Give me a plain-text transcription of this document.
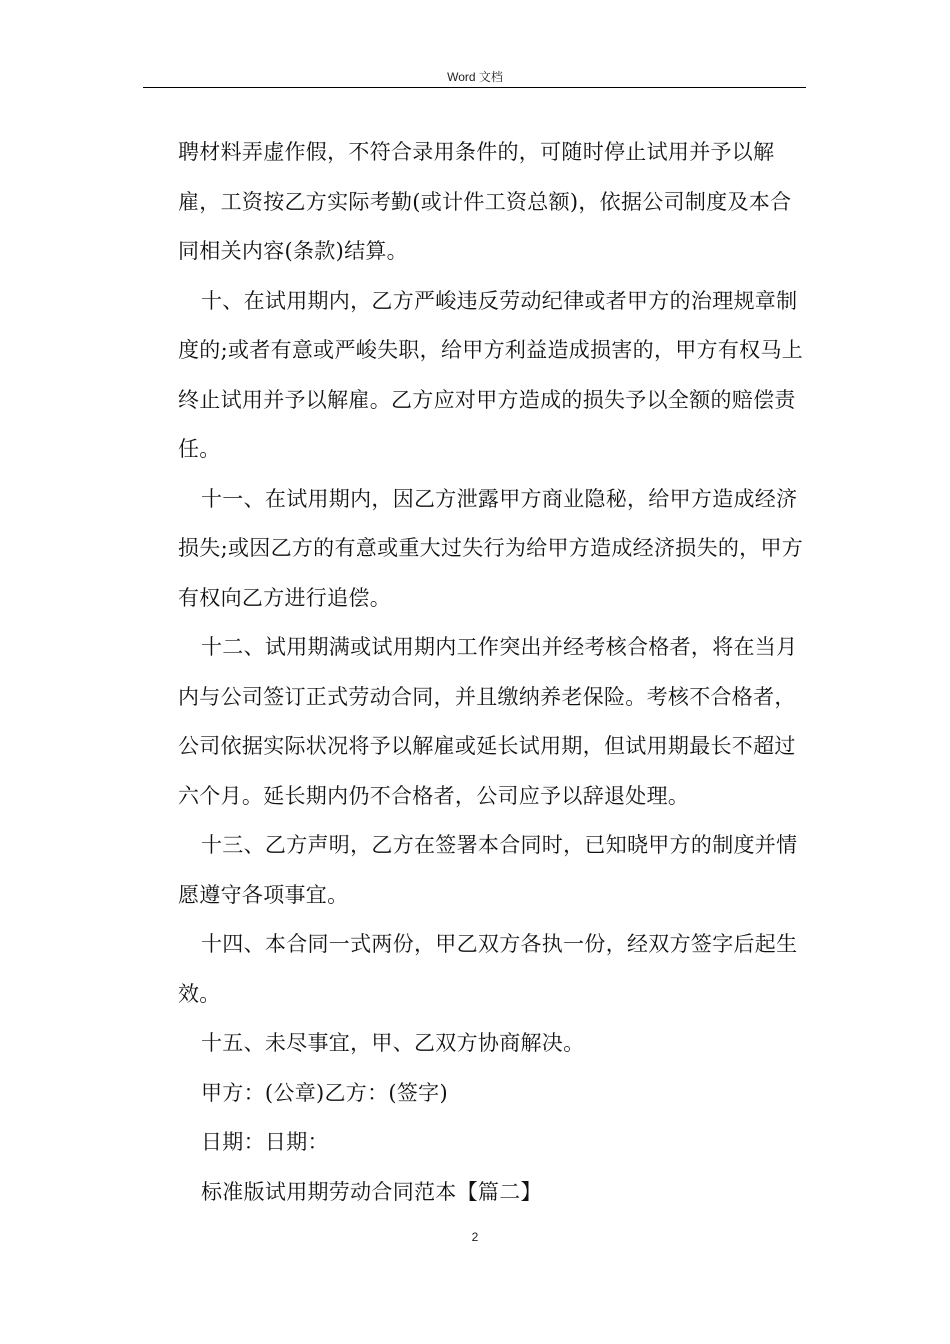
Word 文档

聘材料弄虚作假，不符合录用条件的，可随时停止试用并予以解雇，工资按乙方实际考勤(或计件工资总额)，依据公司制度及本合同相关内容(条款)结算。

十、在试用期内，乙方严峻违反劳动纪律或者甲方的治理规章制度的;或者有意或严峻失职，给甲方利益造成损害的，甲方有权马上终止试用并予以解雇。乙方应对甲方造成的损失予以全额的赔偿责任。

十一、在试用期内，因乙方泄露甲方商业隐秘，给甲方造成经济损失;或因乙方的有意或重大过失行为给甲方造成经济损失的，甲方有权向乙方进行追偿。

十二、试用期满或试用期内工作突出并经考核合格者，将在当月内与公司签订正式劳动合同，并且缴纳养老保险。考核不合格者，公司依据实际状况将予以解雇或延长试用期，但试用期最长不超过六个月。延长期内仍不合格者，公司应予以辞退处理。

十三、乙方声明，乙方在签署本合同时，已知晓甲方的制度并情愿遵守各项事宜。

十四、本合同一式两份，甲乙双方各执一份，经双方签字后起生效。

十五、未尽事宜，甲、乙双方协商解决。

甲方：(公章)乙方：(签字)

日期：日期：

标准版试用期劳动合同范本【篇二】

2
